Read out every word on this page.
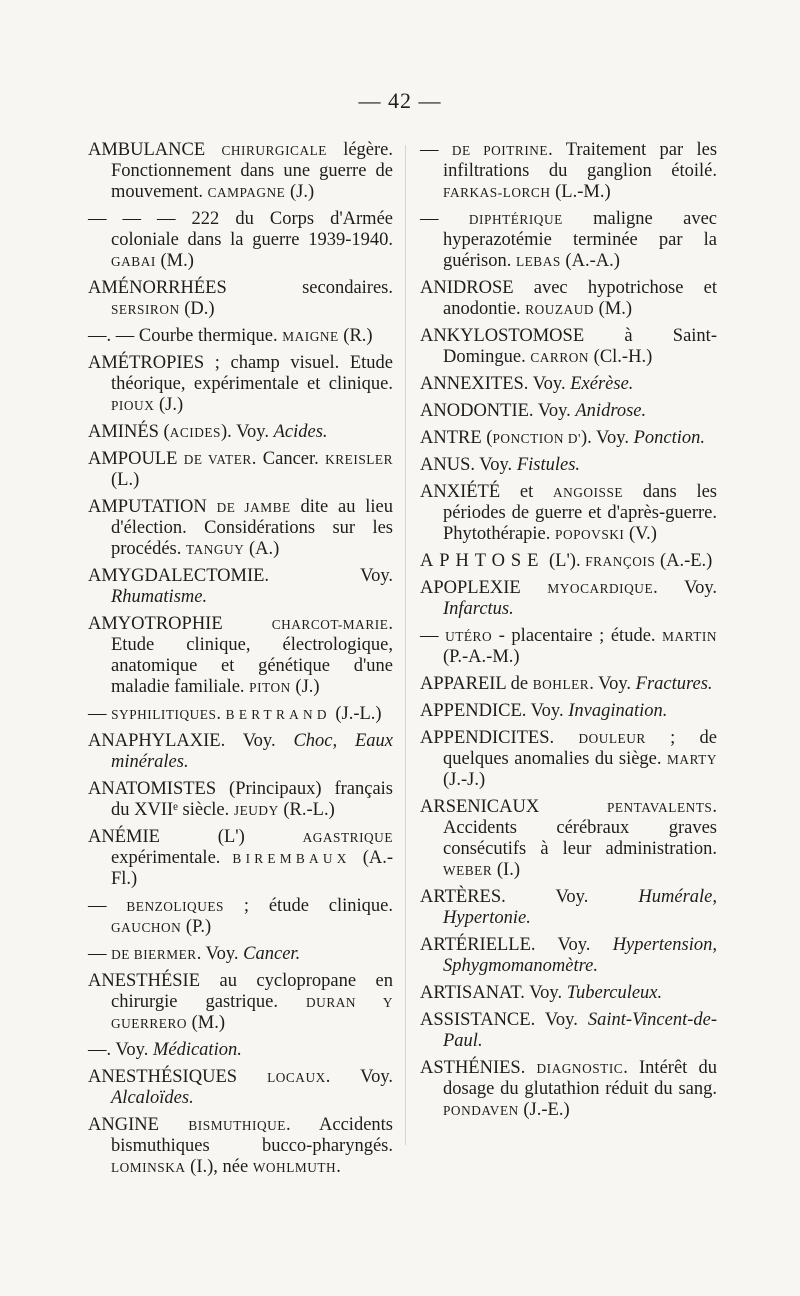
— 42 —

AMBULANCE CHIRURGICALE légère. Fonctionnement dans une guerre de mouvement. CAMPAGNE (J.)

— — — 222 du Corps d'Armée coloniale dans la guerre 1939-1940. GABAI (M.)

AMÉNORRHÉES secondaires. SERSIRON (D.)

—. — Courbe thermique. MAIGNE (R.)

AMÉTROPIES ; champ visuel. Etude théorique, expérimentale et clinique. PIOUX (J.)

AMINÉS (ACIDES). Voy. Acides.

AMPOULE DE VATER. Cancer. KREISLER (L.)

AMPUTATION DE JAMBE dite au lieu d'élection. Considérations sur les procédés. TANGUY (A.)

AMYGDALECTOMIE. Voy. Rhumatisme.

AMYOTROPHIE CHARCOT-MARIE. Etude clinique, électrologique, anatomique et génétique d'une maladie familiale. PITON (J.)

— SYPHILITIQUES. BERTRAND (J.-L.)

ANAPHYLAXIE. Voy. Choc, Eaux minérales.

ANATOMISTES (Principaux) français du XVIIᵉ siècle. JEUDY (R.-L.)

ANÉMIE (L') AGASTRIQUE expérimentale. BIREMBAUX (A.-Fl.)

— BENZOLIQUES ; étude clinique. GAUCHON (P.)

— DE BIERMER. Voy. Cancer.

ANESTHÉSIE au cyclopropane en chirurgie gastrique. DURAN Y GUERRERO (M.)

—. Voy. Médication.

ANESTHÉSIQUES LOCAUX. Voy. Alcaloïdes.

ANGINE BISMUTHIQUE. Accidents bismuthiques bucco-pharyngés. LOMINSKA (I.), née WOHLMUTH.

— DE POITRINE. Traitement par les infiltrations du ganglion étoilé. FARKAS-LORCH (L.-M.)

— DIPHTÉRIQUE maligne avec hyperazotémie terminée par la guérison. LEBAS (A.-A.)

ANIDROSE avec hypotrichose et anodontie. ROUZAUD (M.)

ANKYLOSTOMOSE à Saint-Domingue. CARRON (Cl.-H.)

ANNEXITES. Voy. Exérèse.

ANODONTIE. Voy. Anidrose.

ANTRE (PONCTION D'). Voy. Ponction.

ANUS. Voy. Fistules.

ANXIÉTÉ et ANGOISSE dans les périodes de guerre et d'après-guerre. Phytothérapie. POPOVSKI (V.)

APHTOSE (L'). FRANÇOIS (A.-E.)

APOPLEXIE MYOCARDIQUE. Voy. Infarctus.

— UTÉRO - placentaire ; étude. MARTIN (P.-A.-M.)

APPAREIL de BOHLER. Voy. Fractures.

APPENDICE. Voy. Invagination.

APPENDICITES. DOULEUR ; de quelques anomalies du siège. MARTY (J.-J.)

ARSENICAUX PENTAVALENTS. Accidents cérébraux graves consécutifs à leur administration. WEBER (I.)

ARTÈRES. Voy. Humérale, Hypertonie.

ARTÉRIELLE. Voy. Hypertension, Sphygmomanomètre.

ARTISANAT. Voy. Tuberculeux.

ASSISTANCE. Voy. Saint-Vincent-de-Paul.

ASTHÉNIES. DIAGNOSTIC. Intérêt du dosage du glutathion réduit du sang. PONDAVEN (J.-E.)
